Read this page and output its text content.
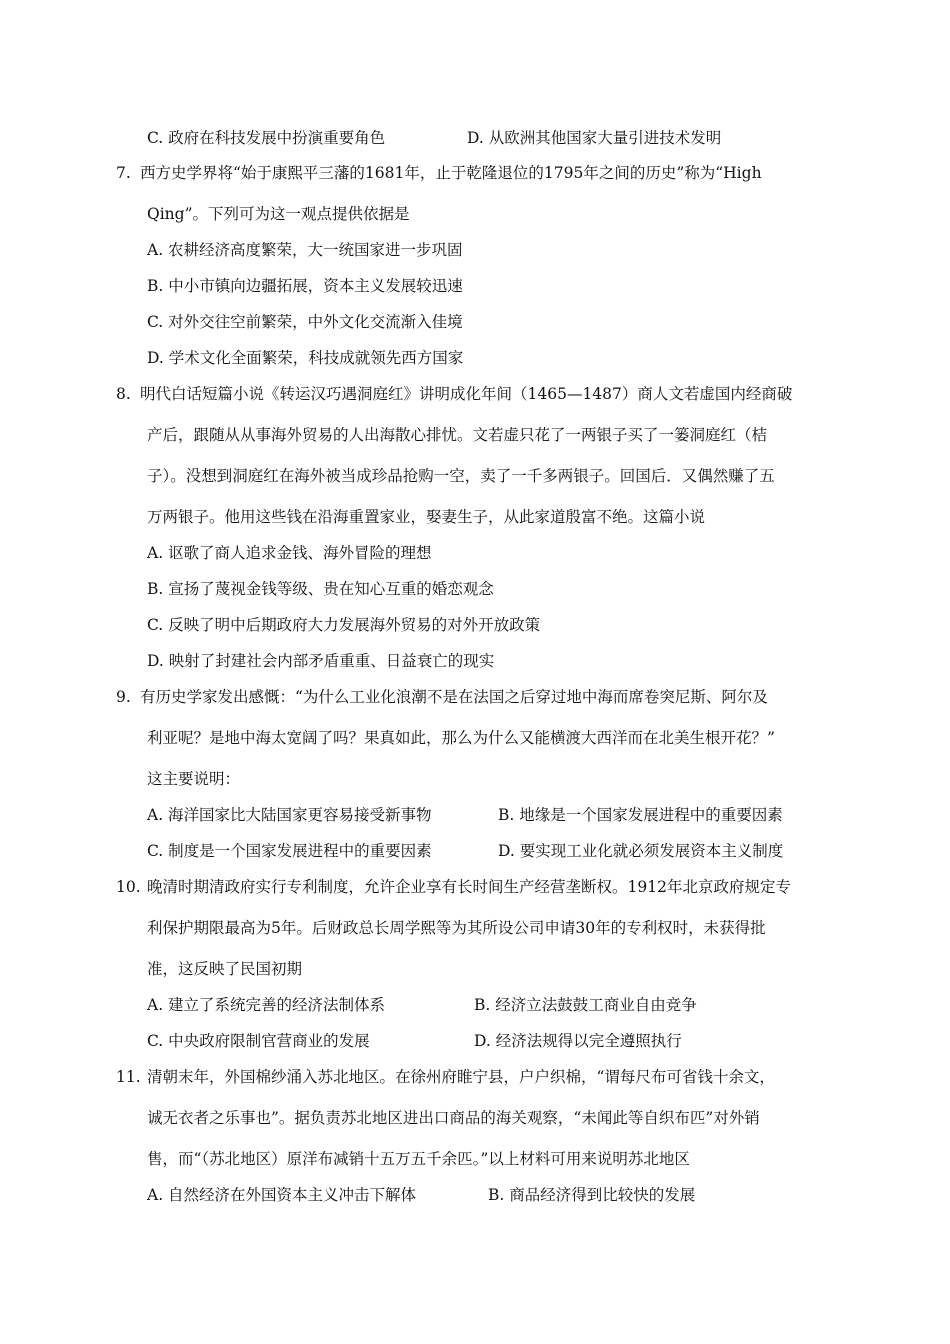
C. 政府在科技发展中扮演重要角色	D. 从欧洲其他国家大量引进技术发明
7. 西方史学界将“始于康熙平三藩的1681年，止于乾隆退位的1795年之间的历史”称为“High
Qing”。下列可为这一观点提供依据是
A. 农耕经济高度繁荣，大一统国家进一步巩固
B. 中小市镇向边疆拓展，资本主义发展较迅速
C. 对外交往空前繁荣，中外文化交流渐入佳境
D. 学术文化全面繁荣，科技成就领先西方国家
8. 明代白话短篇小说《转运汉巧遇洞庭红》讲明成化年间（1465—1487）商人文若虚国内经商破
产后，跟随从从事海外贸易的人出海散心排忧。文若虚只花了一两银子买了一篓洞庭红（桔
子）。没想到洞庭红在海外被当成珍品抢购一空，卖了一千多两银子。回国后．又偶然赚了五
万两银子。他用这些钱在沿海重置家业，娶妻生子，从此家道殷富不绝。这篇小说
A. 讴歌了商人追求金钱、海外冒险的理想
B. 宣扬了蔑视金钱等级、贵在知心互重的婚恋观念
C. 反映了明中后期政府大力发展海外贸易的对外开放政策
D. 映射了封建社会内部矛盾重重、日益衰亡的现实
9. 有历史学家发出感慨：“为什么工业化浪潮不是在法国之后穿过地中海而席卷突尼斯、阿尔及
利亚呢？是地中海太宽阔了吗？果真如此，那么为什么又能横渡大西洋而在北美生根开花？”
这主要说明：
A. 海洋国家比大陆国家更容易接受新事物	B. 地缘是一个国家发展进程中的重要因素
C. 制度是一个国家发展进程中的重要因素	D. 要实现工业化就必须发展资本主义制度
10. 晚清时期清政府实行专利制度，允许企业享有长时间生产经营垄断权。1912年北京政府规定专
利保护期限最高为5年。后财政总长周学熙等为其所设公司申请30年的专利权时，未获得批
准，这反映了民国初期
A. 建立了系统完善的经济法制体系	B. 经济立法鼓鼓工商业自由竞争
C. 中央政府限制官营商业的发展	D. 经济法规得以完全遵照执行
11. 清朝末年，外国棉纱涌入苏北地区。在徐州府睢宁县，户户织棉，“谓每尺布可省钱十余文，
诚无衣者之乐事也”。据负责苏北地区进出口商品的海关观察，“未闻此等自织布匹”对外销
售，而“（苏北地区）原洋布减销十五万五千余匹。”以上材料可用来说明苏北地区
A. 自然经济在外国资本主义冲击下解体	B. 商品经济得到比较快的发展
